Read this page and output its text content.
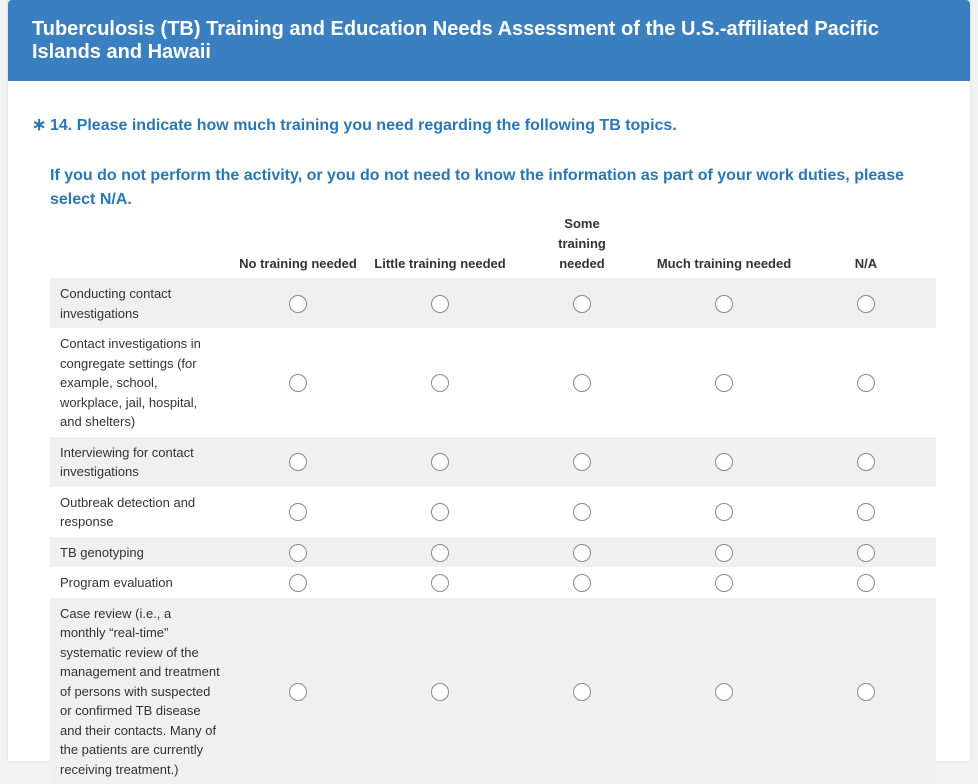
Tuberculosis (TB) Training and Education Needs Assessment of the U.S.-affiliated Pacific Islands and Hawaii
∗ 14. Please indicate how much training you need regarding the following TB topics.
If you do not perform the activity, or you do not need to know the information as part of your work duties, please select N/A.
	No training needed	Little training needed	Some training needed	Much training needed	N/A
Conducting contact investigations					
Contact investigations in congregate settings (for example, school, workplace, jail, hospital, and shelters)					
Interviewing for contact investigations					
Outbreak detection and response					
TB genotyping					
Program evaluation					
Case review (i.e., a monthly “real-time” systematic review of the management and treatment of persons with suspected or confirmed TB disease and their contacts. Many of the patients are currently receiving treatment.)					
